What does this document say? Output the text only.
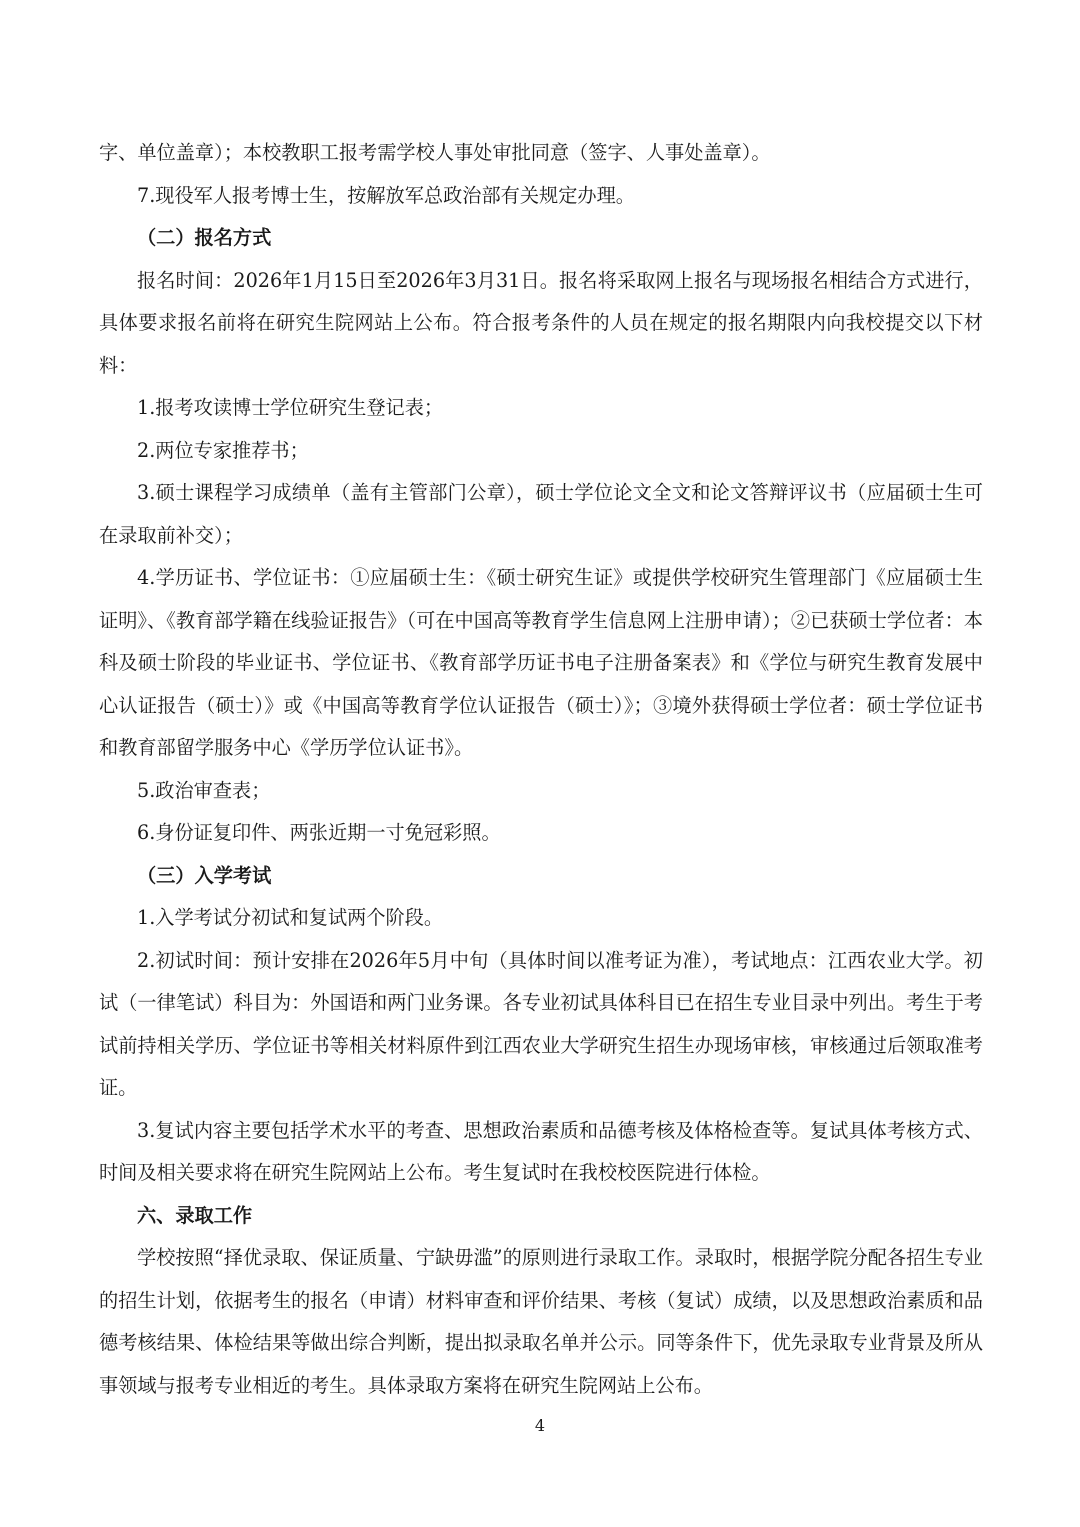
字、单位盖章）；本校教职工报考需学校人事处审批同意（签字、人事处盖章）。

7.现役军人报考博士生，按解放军总政治部有关规定办理。

（二）报名方式

报名时间：2026年1月15日至2026年3月31日。报名将采取网上报名与现场报名相结合方式进行，具体要求报名前将在研究生院网站上公布。符合报考条件的人员在规定的报名期限内向我校提交以下材料：

1.报考攻读博士学位研究生登记表；

2.两位专家推荐书；

3.硕士课程学习成绩单（盖有主管部门公章），硕士学位论文全文和论文答辩评议书（应届硕士生可在录取前补交）；

4.学历证书、学位证书：①应届硕士生：《硕士研究生证》或提供学校研究生管理部门《应届硕士生证明》、《教育部学籍在线验证报告》（可在中国高等教育学生信息网上注册申请）；②已获硕士学位者：本科及硕士阶段的毕业证书、学位证书、《教育部学历证书电子注册备案表》和《学位与研究生教育发展中心认证报告（硕士）》或《中国高等教育学位认证报告（硕士）》；③境外获得硕士学位者：硕士学位证书和教育部留学服务中心《学历学位认证书》。

5.政治审查表；

6.身份证复印件、两张近期一寸免冠彩照。

（三）入学考试

1.入学考试分初试和复试两个阶段。

2.初试时间：预计安排在2026年5月中旬（具体时间以准考证为准），考试地点：江西农业大学。初试（一律笔试）科目为：外国语和两门业务课。各专业初试具体科目已在招生专业目录中列出。考生于考试前持相关学历、学位证书等相关材料原件到江西农业大学研究生招生办现场审核，审核通过后领取准考证。

3.复试内容主要包括学术水平的考查、思想政治素质和品德考核及体格检查等。复试具体考核方式、时间及相关要求将在研究生院网站上公布。考生复试时在我校校医院进行体检。

六、录取工作

学校按照“择优录取、保证质量、宁缺毋滥”的原则进行录取工作。录取时，根据学院分配各招生专业的招生计划，依据考生的报名（申请）材料审查和评价结果、考核（复试）成绩，以及思想政治素质和品德考核结果、体检结果等做出综合判断，提出拟录取名单并公示。同等条件下，优先录取专业背景及所从事领域与报考专业相近的考生。具体录取方案将在研究生院网站上公布。

4
